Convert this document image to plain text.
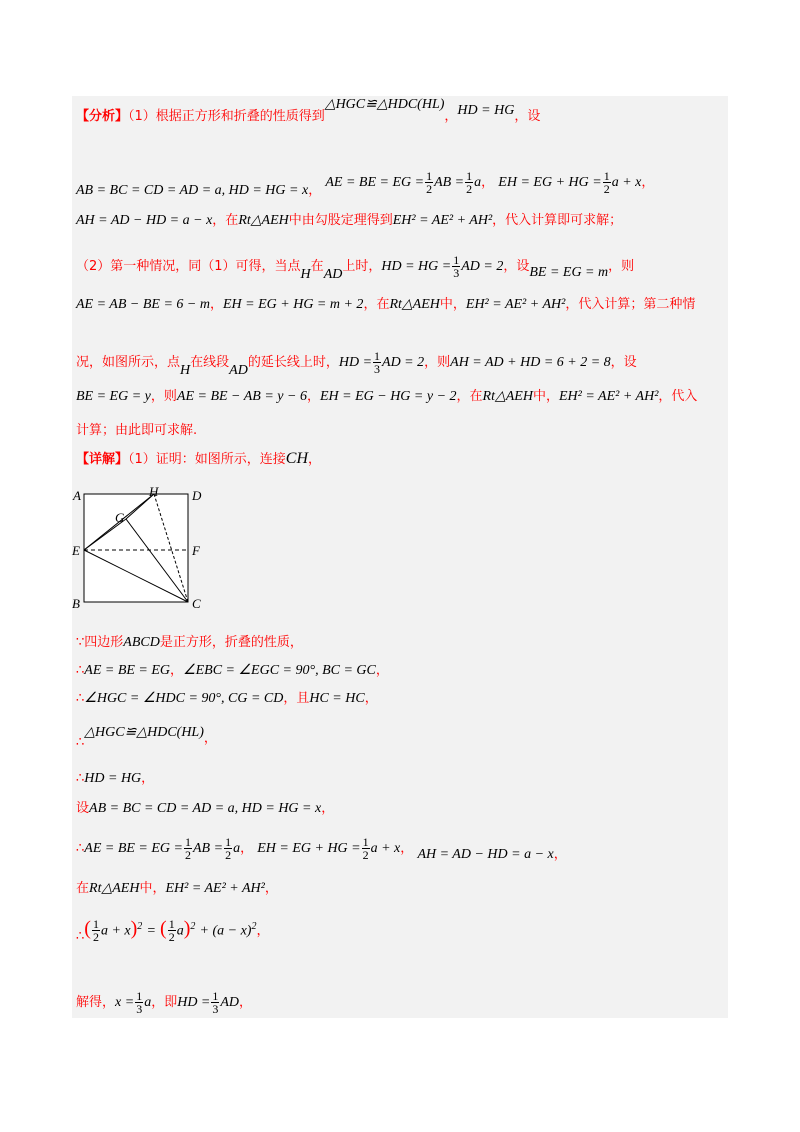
【分析】（1）根据正方形和折叠的性质得到△HGC≌△HDC(HL)，HD = HG，设
AB = BC = CD = AD = a, HD = HG = x， AE = BE = EG = $\frac{1}{2}$ AB = $\frac{1}{2}$ a， EH = EG + HG = $\frac{1}{2}$ a + x，
AH = AD − HD = a − x，在Rt△AEH中由勾股定理得到EH² = AE² + AH²，代入计算即可求解；
（2）第一种情况，同（1）可得，当点H在AD上时，HD = HG = $\frac{1}{3}$ AD = 2，设BE = EG = m，则
AE = AB − BE = 6 − m，EH = EG + HG = m + 2，在Rt△AEH中，EH² = AE² + AH²，代入计算；第二种情
况，如图所示，点H在线段AD的延长线上时，HD = $\frac{1}{3}$ AD = 2，则AH = AD + HD = 6 + 2 = 8，设
BE = EG = y，则AE = BE − AB = y − 6，EH = EG − HG = y − 2，在Rt△AEH中，EH² = AE² + AH²，代入
计算；由此即可求解.
【详解】（1）证明：如图所示，连接CH，
A	H	D
G
E	F
B	C
∵四边形ABCD是正方形，折叠的性质，
∴AE = BE = EG，∠EBC = ∠EGC = 90°, BC = GC，
∴∠HGC = ∠HDC = 90°, CG = CD，且HC = HC，
∴△HGC≌△HDC(HL)，
∴HD = HG，
设AB = BC = CD = AD = a, HD = HG = x，
∴AE = BE = EG = $\frac{1}{2}$ AB = $\frac{1}{2}$ a， EH = EG + HG = $\frac{1}{2}$ a + x， AH = AD − HD = a − x，
在Rt△AEH中，EH² = AE² + AH²，
∴( $\frac{1}{2}$ a + x)$^2$ = ( $\frac{1}{2} a)^2 + (a - x)^2$，
解得，$x = \frac{1}{3}$ a，即HD = $\frac{1}{3}$ AD，
